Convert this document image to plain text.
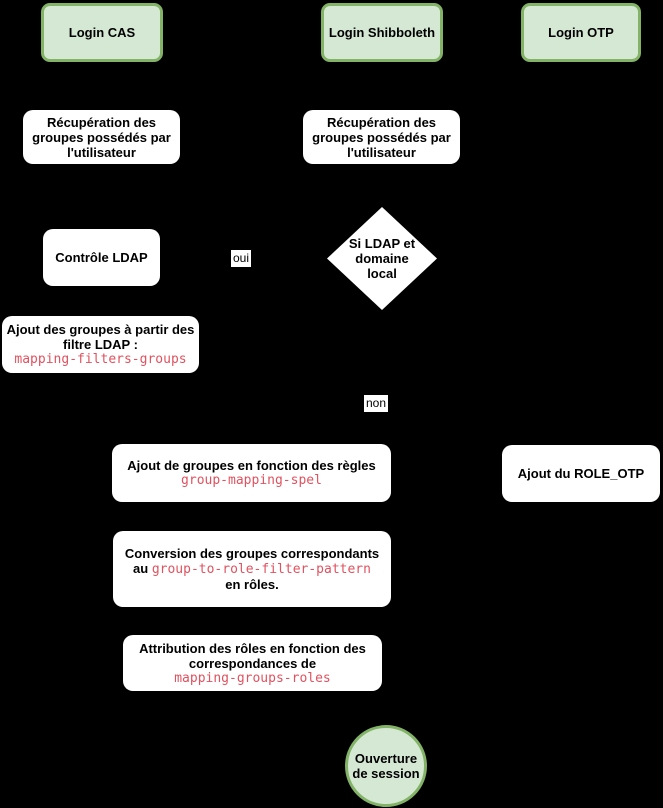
Login CAS	Login Shibboleth	Login OTP
Récupération des
groupes possédés par
l'utilisateur
Récupération des
groupes possédés par
l'utilisateur
Contrôle LDAP	oui
Si LDAP et
domaine
local
Ajout des groupes à partir des
filtre LDAP :
mapping-filters-groups
non
Ajout de groupes en fonction des règles
group-mapping-spel	Ajout du ROLE_OTP
Conversion des groupes correspondants
au group-to-role-filter-pattern
en rôles.
Attribution des rôles en fonction des
correspondances de
mapping-groups-roles
Ouverture
de session
